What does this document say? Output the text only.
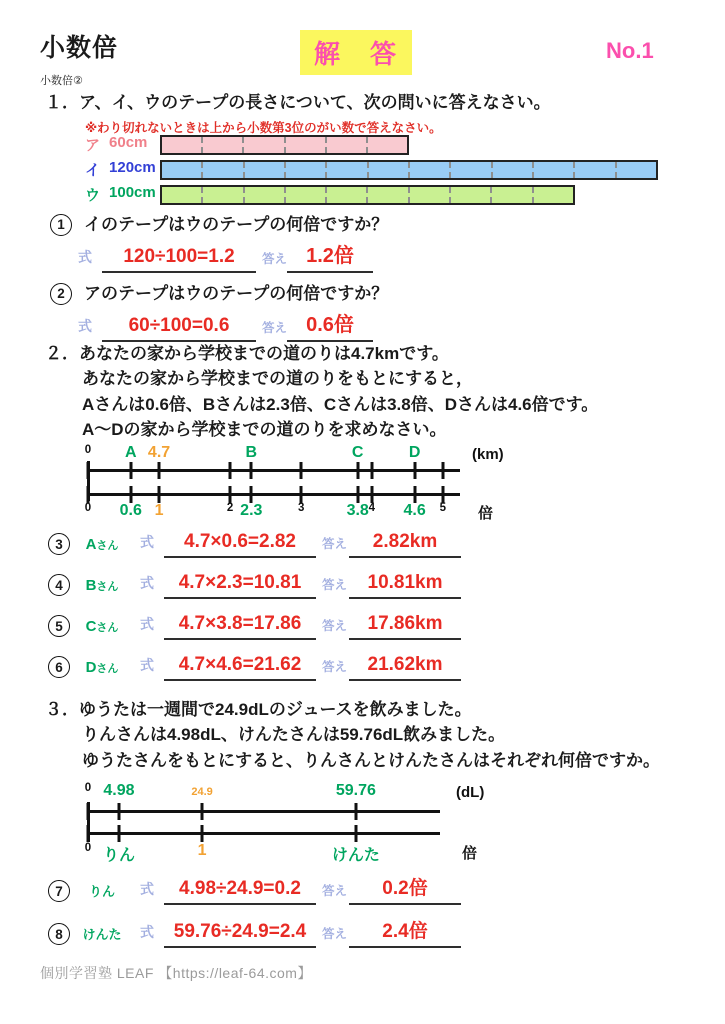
小数倍	解　答	No.1
小数倍②
１．ア、イ、ウのテープの長さについて、次の問いに答えなさい。
※わり切れないときは上から小数第3位のがい数で答えなさい。
ア 60cm
イ 120cm
ウ 100cm
1	イのテープはウのテープの何倍ですか？
式	120÷100=1.2	答え 1.2倍
2	アのテープはウのテープの何倍ですか？
式	60÷100=0.6	答え 0.6倍
２．あなたの家から学校までの道のりは4.7kmです。
あなたの家から学校までの道のりをもとにすると，
Aさんは0.6倍、Bさんは2.3倍、Cさんは3.8倍、Dさんは4.6倍です。
A～Dの家から学校までの道のりを求めなさい。
0 A 4.7	B	C	D	(km)
0 0.6 1	2 2.3	3	3.8 4 4.6 5 倍
3	Aさん	式	4.7×0.6=2.82	答え	2.82km
4	Bさん	式	4.7×2.3=10.81	答え	10.81km
5	Cさん	式	4.7×3.8=17.86	答え	17.86km
6	Dさん	式	4.7×4.6=21.62	答え	21.62km
３．ゆうたは一週間で24.9dLのジュースを飲みました。
りんさんは4.98dL、けんたさんは59.76dL飲みました。
ゆうたさんをもとにすると、りんさんとけんたさんはそれぞれ何倍ですか。
0 4.98	24.9	59.76	(dL)
0 りん	1	けんた	倍
7	りん	式	4.98÷24.9=0.2	答え	0.2倍
8	けんた	式	59.76÷24.9=2.4	答え	2.4倍
個別学習塾 LEAF 【https://leaf-64.com】
